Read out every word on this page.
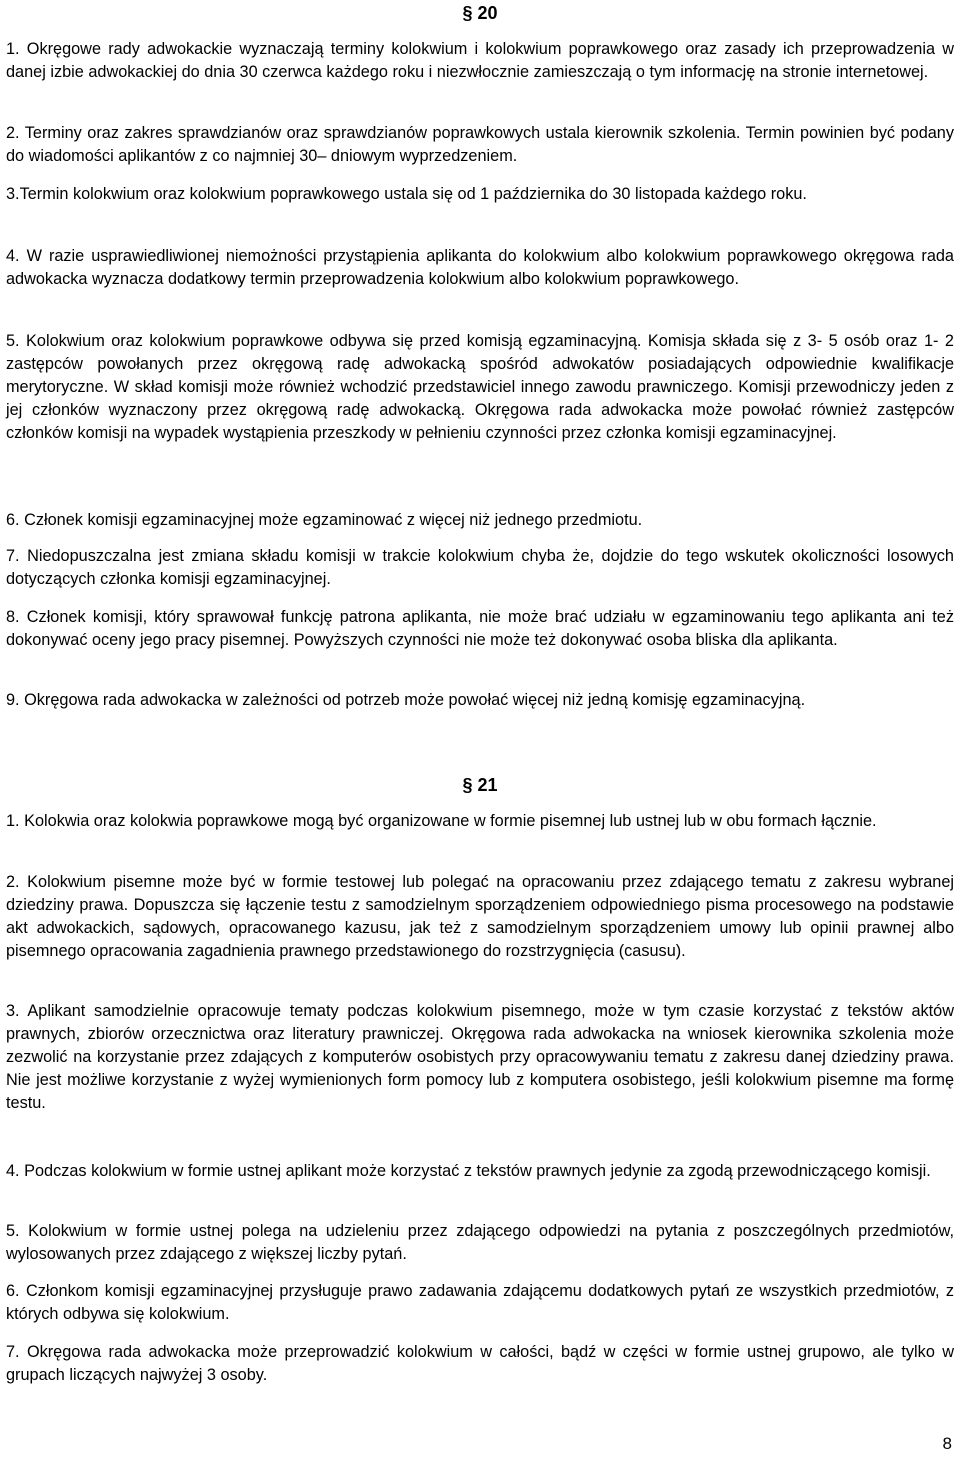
§ 20
1. Okręgowe rady adwokackie wyznaczają terminy kolokwium i kolokwium poprawkowego oraz zasady ich przeprowadzenia w danej izbie adwokackiej do dnia 30 czerwca każdego roku i niezwłocznie zamieszczają o tym informację na stronie internetowej.
2. Terminy oraz zakres sprawdzianów oraz sprawdzianów poprawkowych ustala kierownik szkolenia. Termin powinien być podany do wiadomości aplikantów z co najmniej 30– dniowym wyprzedzeniem.
3.Termin kolokwium oraz kolokwium poprawkowego ustala się od 1 października do 30 listopada każdego roku.
4. W razie usprawiedliwionej niemożności przystąpienia aplikanta do kolokwium albo kolokwium poprawkowego okręgowa rada adwokacka wyznacza dodatkowy termin przeprowadzenia kolokwium albo kolokwium poprawkowego.
5. Kolokwium oraz kolokwium poprawkowe odbywa się przed komisją egzaminacyjną. Komisja składa się z 3- 5 osób oraz 1- 2 zastępców powołanych przez okręgową radę adwokacką spośród adwokatów posiadających odpowiednie kwalifikacje merytoryczne. W skład komisji może również wchodzić przedstawiciel innego zawodu prawniczego. Komisji przewodniczy jeden z jej członków wyznaczony przez okręgową radę adwokacką. Okręgowa rada adwokacka może powołać również zastępców członków komisji na wypadek wystąpienia przeszkody w pełnieniu czynności przez członka komisji egzaminacyjnej.
6. Członek komisji egzaminacyjnej może egzaminować z więcej niż jednego przedmiotu.
7. Niedopuszczalna jest zmiana składu komisji w trakcie kolokwium chyba że, dojdzie do tego wskutek okoliczności losowych dotyczących członka komisji egzaminacyjnej.
8. Członek komisji, który sprawował funkcję patrona aplikanta, nie może brać udziału w egzaminowaniu tego aplikanta ani też dokonywać oceny jego pracy pisemnej. Powyższych czynności nie może też dokonywać osoba bliska dla aplikanta.
9. Okręgowa rada adwokacka w zależności od potrzeb może powołać więcej niż jedną komisję egzaminacyjną.
§ 21
1. Kolokwia oraz kolokwia poprawkowe mogą być organizowane w formie pisemnej lub ustnej lub w obu formach łącznie.
2. Kolokwium pisemne może być w formie testowej lub polegać na opracowaniu przez zdającego tematu z zakresu wybranej dziedziny prawa. Dopuszcza się łączenie testu z samodzielnym sporządzeniem odpowiedniego pisma procesowego na podstawie akt adwokackich, sądowych, opracowanego kazusu, jak też z samodzielnym sporządzeniem umowy lub opinii prawnej albo pisemnego opracowania zagadnienia prawnego przedstawionego do rozstrzygnięcia (casusu).
3. Aplikant samodzielnie opracowuje tematy podczas kolokwium pisemnego, może w tym czasie korzystać z tekstów aktów prawnych, zbiorów orzecznictwa oraz literatury prawniczej. Okręgowa rada adwokacka na wniosek kierownika szkolenia może zezwolić na korzystanie przez zdających z komputerów osobistych przy opracowywaniu tematu z zakresu danej dziedziny prawa. Nie jest możliwe korzystanie z wyżej wymienionych form pomocy lub z komputera osobistego, jeśli kolokwium pisemne ma formę testu.
4. Podczas kolokwium w formie ustnej aplikant może korzystać z tekstów prawnych jedynie za zgodą przewodniczącego komisji.
5. Kolokwium w formie ustnej polega na udzieleniu przez zdającego odpowiedzi na pytania z poszczególnych przedmiotów, wylosowanych przez zdającego z większej liczby pytań.
6. Członkom komisji egzaminacyjnej przysługuje prawo zadawania zdającemu dodatkowych pytań ze wszystkich przedmiotów, z których odbywa się kolokwium.
7. Okręgowa rada adwokacka może przeprowadzić kolokwium w całości, bądź w części w formie ustnej grupowo, ale tylko w grupach liczących najwyżej 3 osoby.
8
